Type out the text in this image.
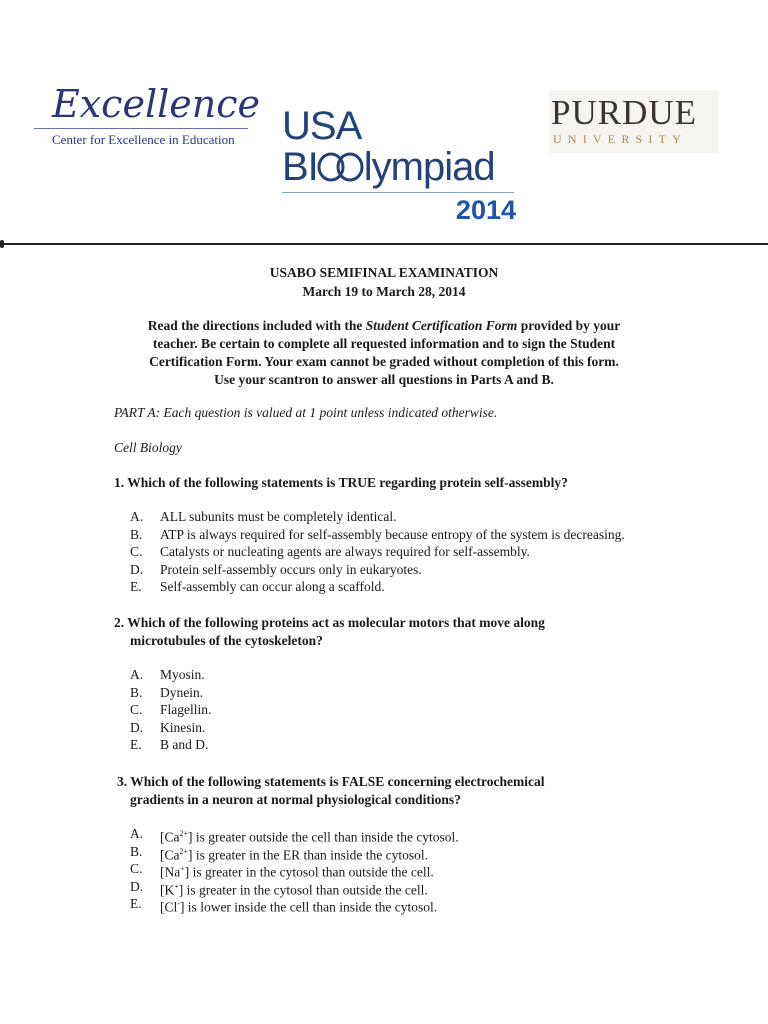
Excellence
Center for Excellence in Education	USA
BI lympiad
2014
PURDUE
UNIVERSITY
USABO SEMIFINAL EXAMINATION
March 19 to March 28, 2014
Read the directions included with the Student Certification Form provided by your
teacher. Be certain to complete all requested information and to sign the Student
Certification Form. Your exam cannot be graded without completion of this form.
Use your scantron to answer all questions in Parts A and B.
PART A: Each question is valued at 1 point unless indicated otherwise.
Cell Biology
1. Which of the following statements is TRUE regarding protein self-assembly?
A. ALL subunits must be completely identical.
B. ATP is always required for self-assembly because entropy of the system is decreasing.
C. Catalysts or nucleating agents are always required for self-assembly.
D. Protein self-assembly occurs only in eukaryotes.
E. Self-assembly can occur along a scaffold.
2. Which of the following proteins act as molecular motors that move along
microtubules of the cytoskeleton?
A. Myosin.
B. Dynein.
C. Flagellin.
D. Kinesin.
E. B and D.
3. Which of the following statements is FALSE concerning electrochemical
gradients in a neuron at normal physiological conditions?
A. $[Ca^{2+}]$ is greater outside the cell than inside the cytosol.
B. $[Ca^{2+}]$ is greater in the ER than inside the cytosol.
C. [Na+] is greater in the cytosol than outside the cell.
D. [K+] is greater in the cytosol than outside the cell.
E. [Cl-] is lower inside the cell than inside the cytosol.
